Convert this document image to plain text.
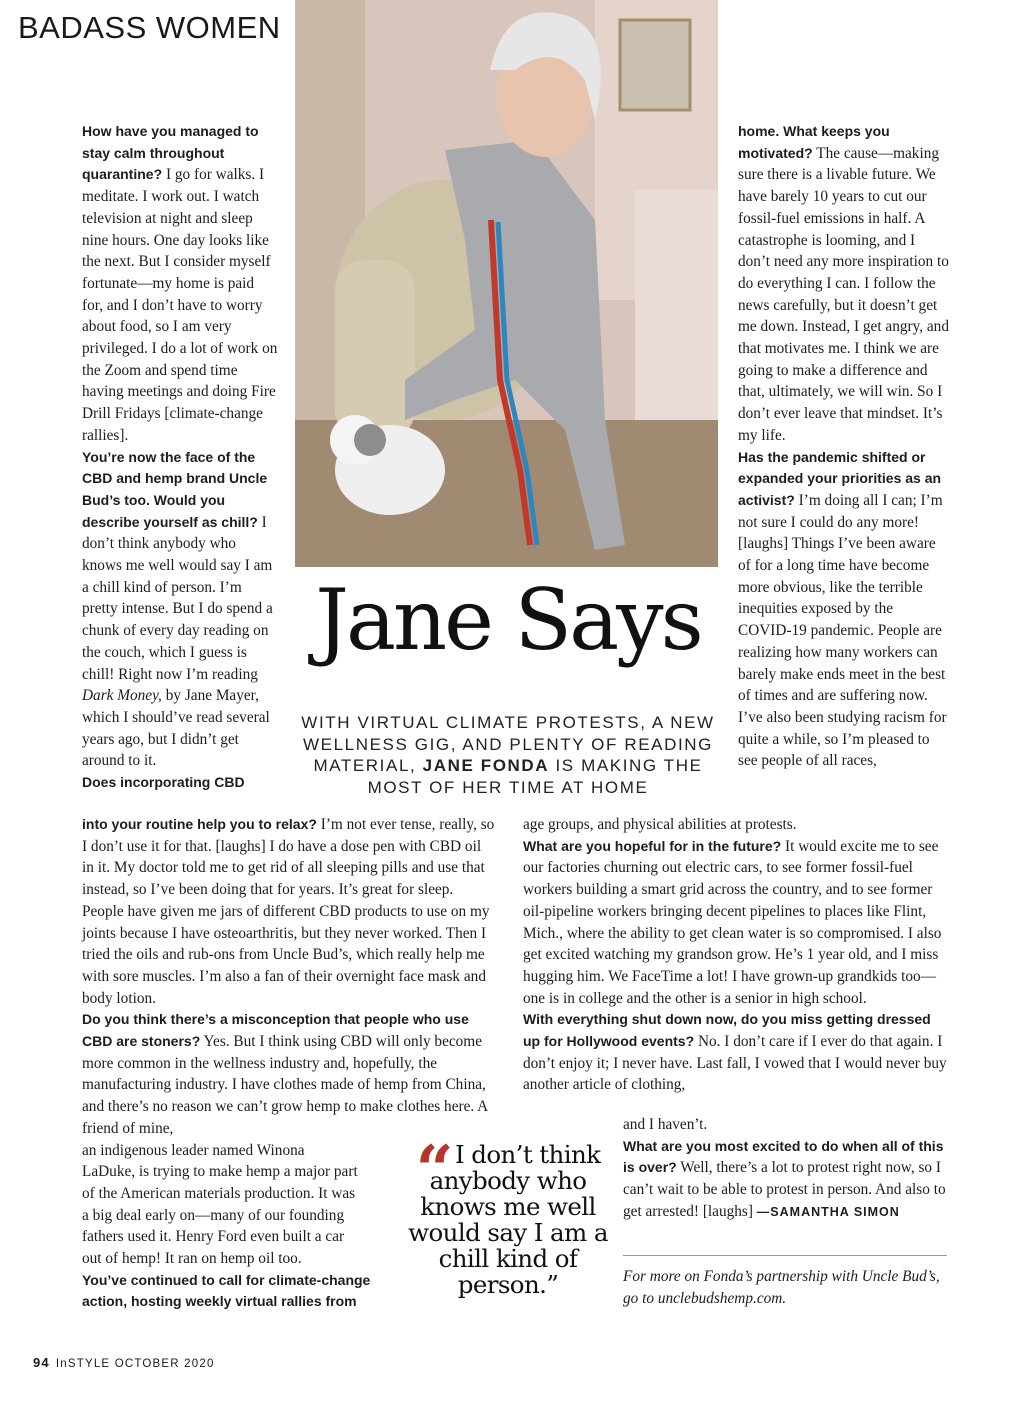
BADASS WOMEN
Jane Says
WITH VIRTUAL CLIMATE PROTESTS, A NEW WELLNESS GIG, AND PLENTY OF READING MATERIAL, JANE FONDA IS MAKING THE MOST OF HER TIME AT HOME
How have you managed to stay calm throughout quarantine? I go for walks. I meditate. I work out. I watch television at night and sleep nine hours. One day looks like the next. But I consider myself fortunate—my home is paid for, and I don’t have to worry about food, so I am very privileged. I do a lot of work on the Zoom and spend time having meetings and doing Fire Drill Fridays [climate-change rallies].
You’re now the face of the CBD and hemp brand Uncle Bud’s too. Would you describe yourself as chill? I don’t think anybody who knows me well would say I am a chill kind of person. I’m pretty intense. But I do spend a chunk of every day reading on the couch, which I guess is chill! Right now I’m reading Dark Money, by Jane Mayer, which I should’ve read several years ago, but I didn’t get around to it.
Does incorporating CBD
into your routine help you to relax? I’m not ever tense, really, so I don’t use it for that. [laughs] I do have a dose pen with CBD oil in it. My doctor told me to get rid of all sleeping pills and use that instead, so I’ve been doing that for years. It’s great for sleep. People have given me jars of different CBD products to use on my joints because I have osteoarthritis, but they never worked. Then I tried the oils and rub-ons from Uncle Bud’s, which really help me with sore muscles. I’m also a fan of their overnight face mask and body lotion.
Do you think there’s a misconception that people who use CBD are stoners? Yes. But I think using CBD will only become more common in the wellness industry and, hopefully, the manufacturing industry. I have clothes made of hemp from China, and there’s no reason we can’t grow hemp to make clothes here. A friend of mine,
an indigenous leader named Winona
LaDuke, is trying to make hemp a major part
of the American materials production. It was
a big deal early on—many of our founding
fathers used it. Henry Ford even built a car
out of hemp! It ran on hemp oil too.
You’ve continued to call for climate-change action, hosting weekly virtual rallies from
home. What keeps you motivated? The cause—making sure there is a livable future. We have barely 10 years to cut our fossil-fuel emissions in half. A catastrophe is looming, and I don’t need any more inspiration to do everything I can. I follow the news carefully, but it doesn’t get me down. Instead, I get angry, and that motivates me. I think we are going to make a difference and that, ultimately, we will win. So I don’t ever leave that mindset. It’s my life.
Has the pandemic shifted or expanded your priorities as an activist? I’m doing all I can; I’m not sure I could do any more! [laughs] Things I’ve been aware of for a long time have become more obvious, like the terrible inequities exposed by the COVID-19 pandemic. People are realizing how many workers can barely make ends meet in the best of times and are suffering now. I’ve also been studying racism for quite a while, so I’m pleased to see people of all races,
age groups, and physical abilities at protests.
What are you hopeful for in the future? It would excite me to see our factories churning out electric cars, to see former fossil-fuel workers building a smart grid across the country, and to see former oil-pipeline workers bringing decent pipelines to places like Flint, Mich., where the ability to get clean water is so compromised. I also get excited watching my grandson grow. He’s 1 year old, and I miss hugging him. We FaceTime a lot! I have grown-up grandkids too—one is in college and the other is a senior in high school.
With everything shut down now, do you miss getting dressed up for Hollywood events? No. I don’t care if I ever do that again. I don’t enjoy it; I never have. Last fall, I vowed that I would never buy another article of clothing,
and I haven’t.
What are you most excited to do when all of this is over? Well, there’s a lot to protest right now, so I can’t wait to be able to protest in person. And also to get arrested! [laughs] —SAMANTHA SIMON
“I don’t think anybody who knows me well would say I am a chill kind of person.”	For more on Fonda’s partnership with Uncle Bud’s, go to unclebudshemp.com.
94 InSTYLE OCTOBER 2020
